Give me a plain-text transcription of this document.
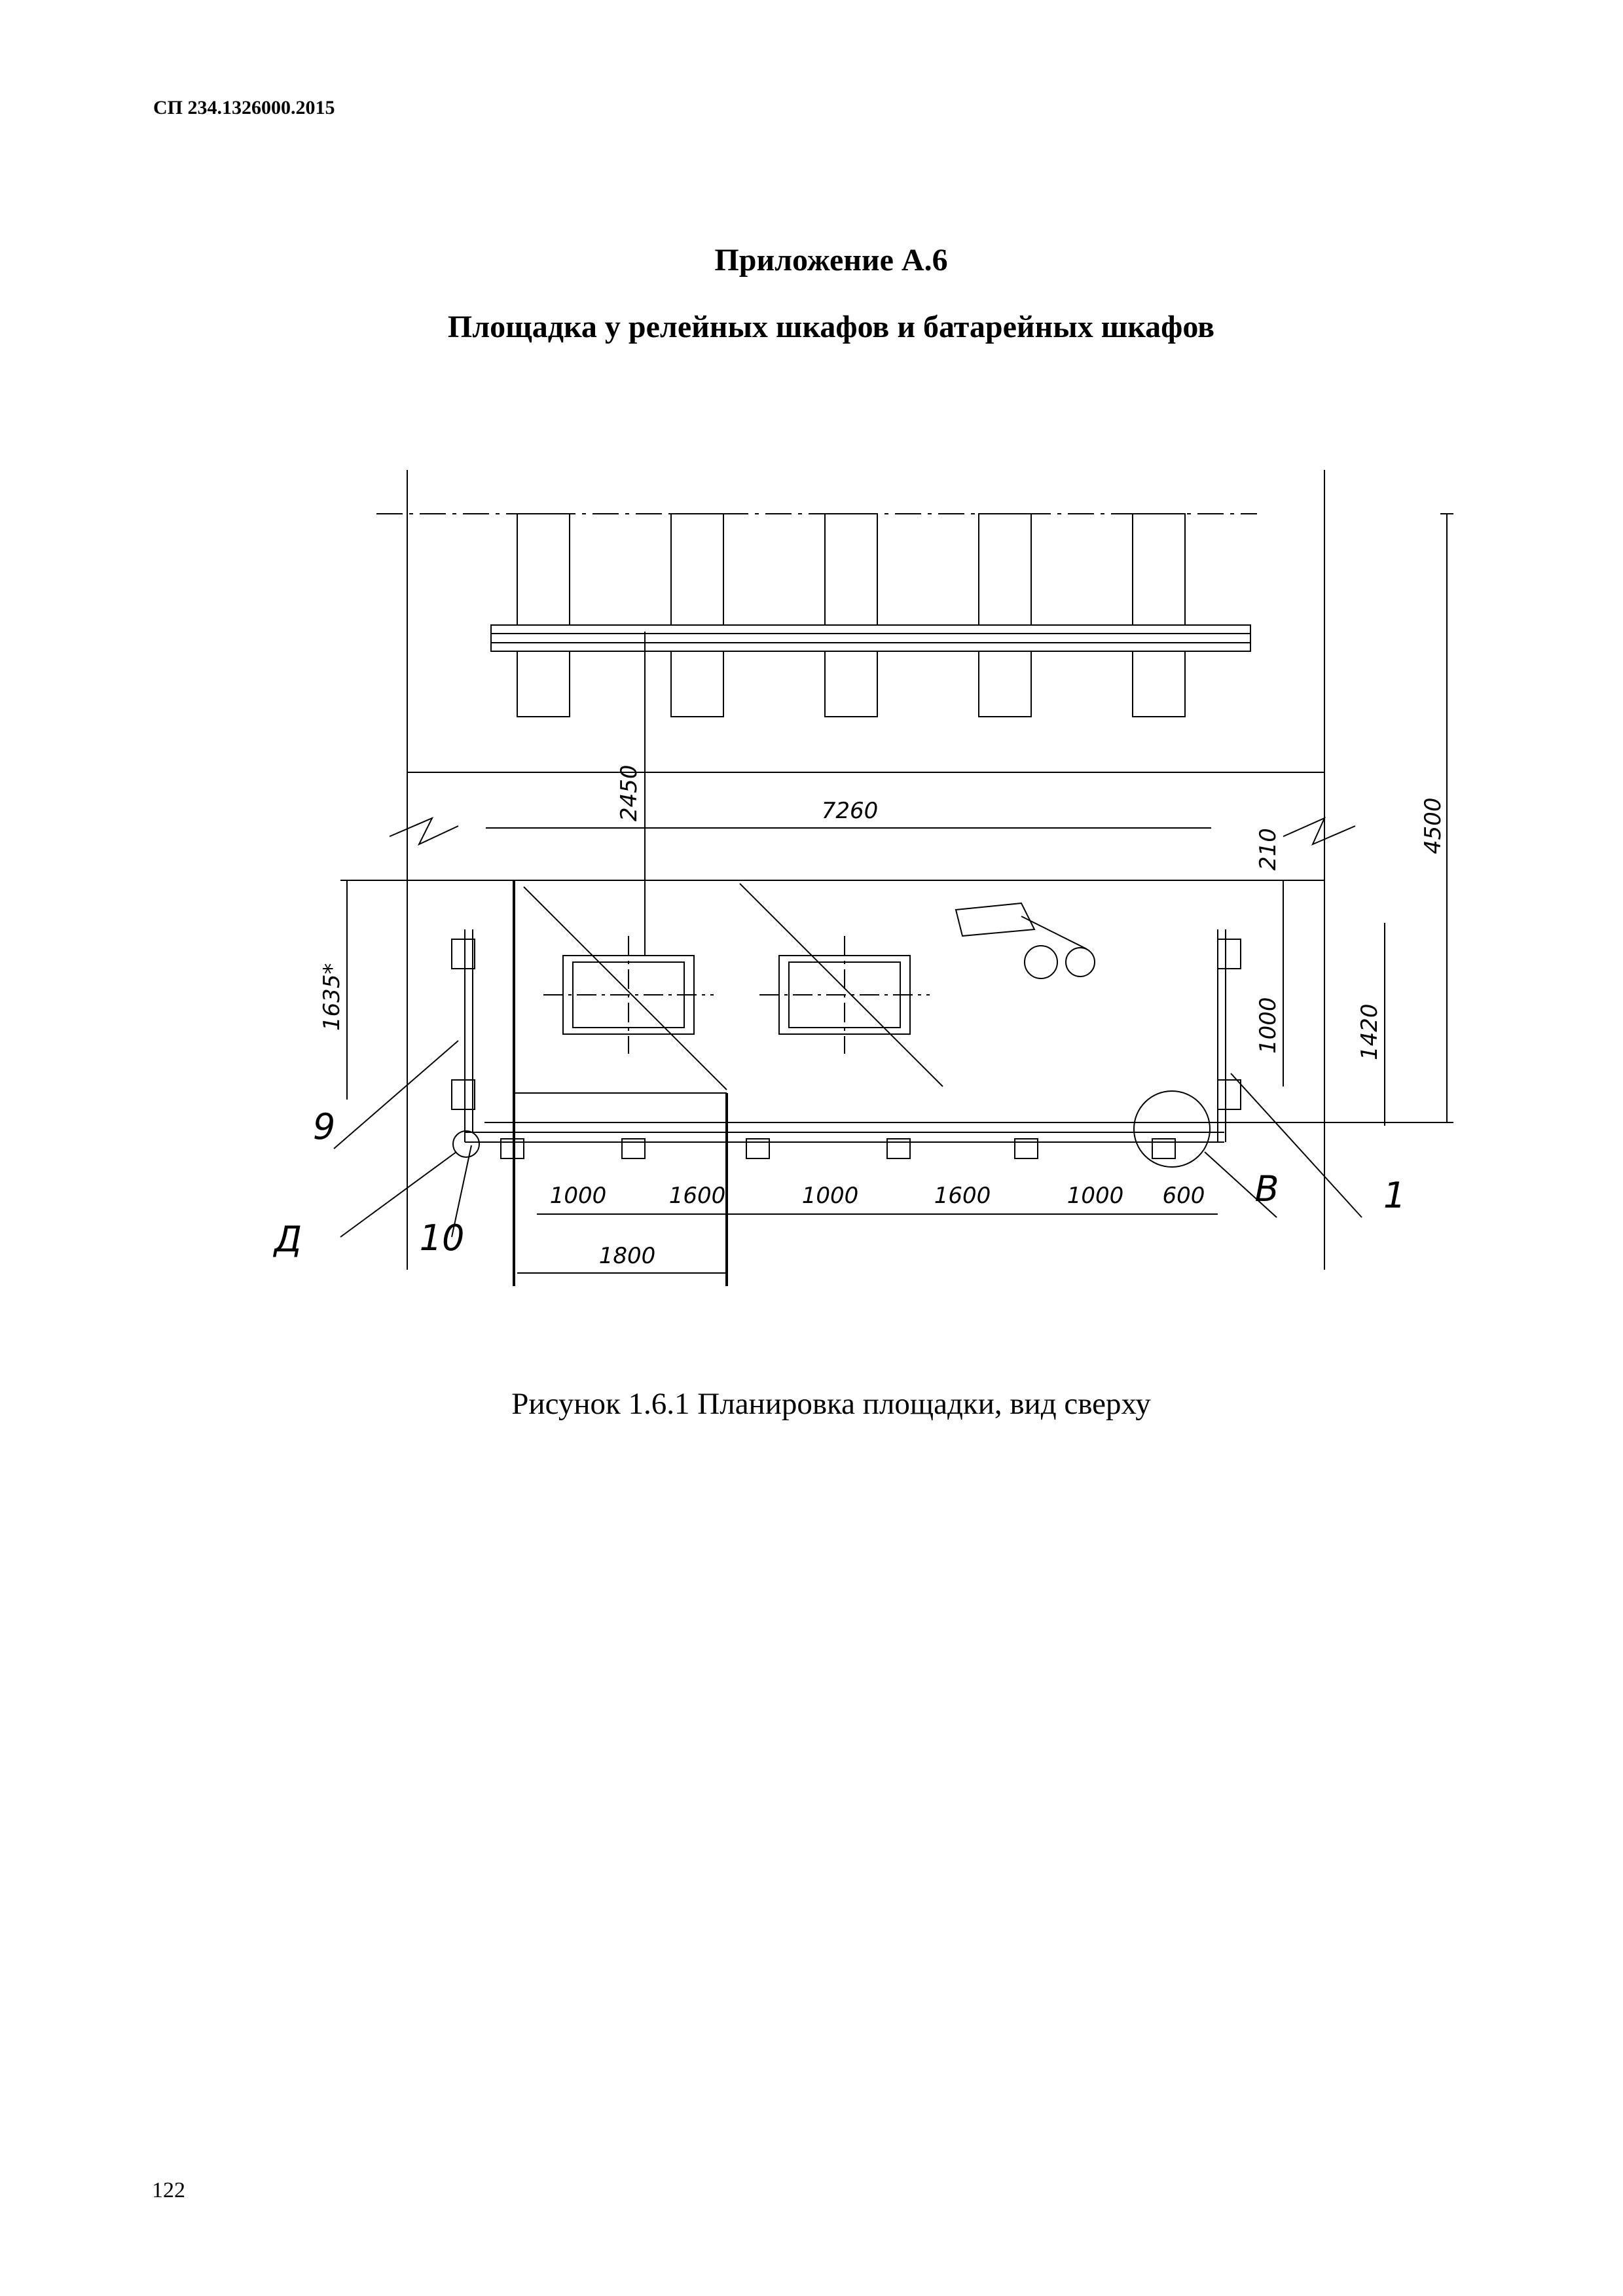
СП 234.1326000.2015
Приложение А.6
Площадка у релейных шкафов и батарейных шкафов
7260
2450
210	4500
1635*	1000	1420
1000	1600	1000	1600	1000 600
1800
9
Д	10
В	1
Рисунок 1.6.1 Планировка площадки, вид сверху
122
